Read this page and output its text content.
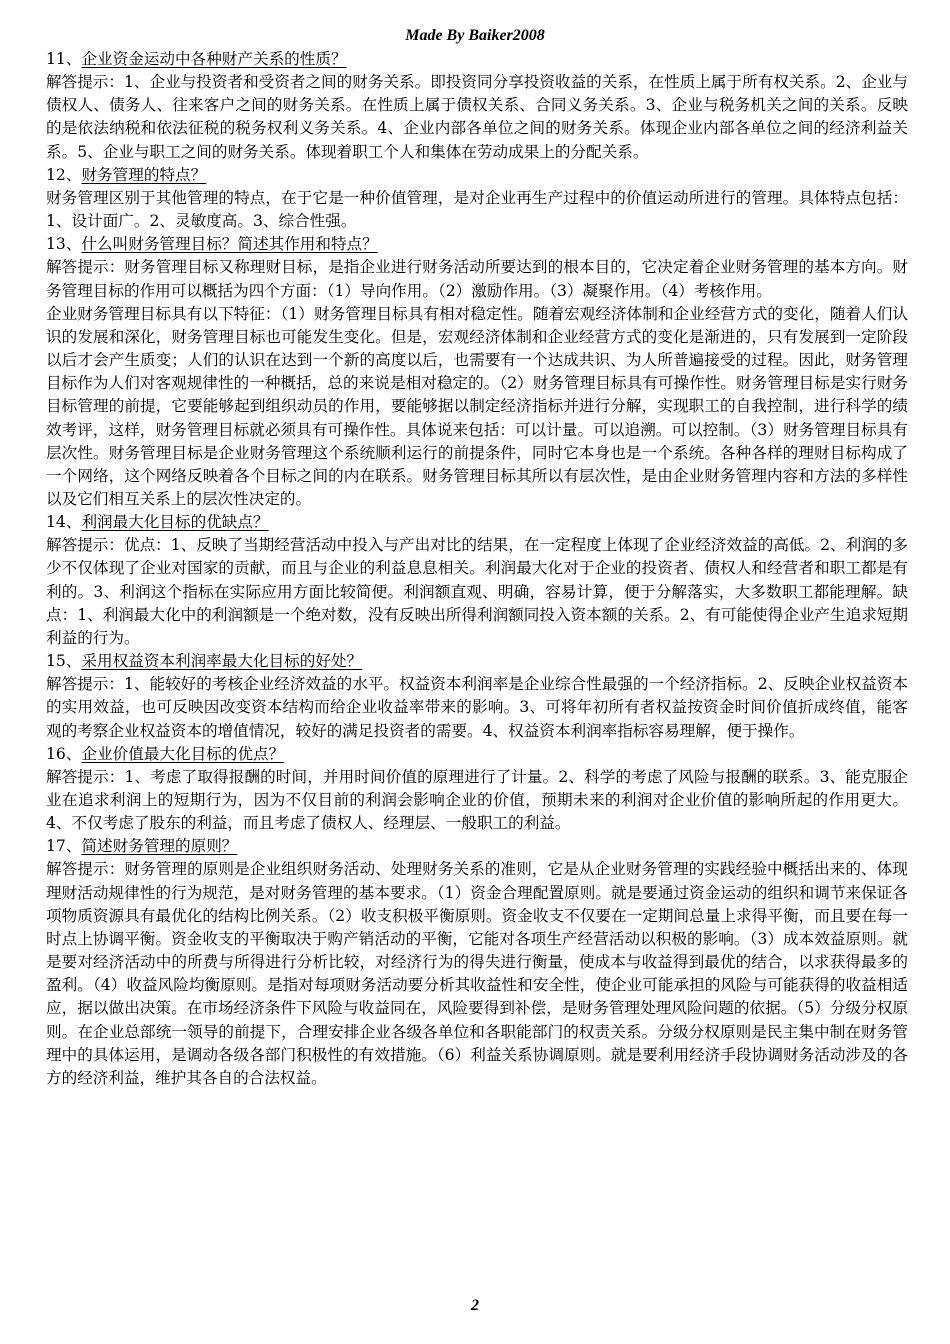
Made By Baiker2008
11、企业资金运动中各种财产关系的性质？
解答提示：1、企业与投资者和受资者之间的财务关系。即投资同分享投资收益的关系，在性质上属于所有权关系。2、企业与债权人、债务人、往来客户之间的财务关系。在性质上属于债权关系、合同义务关系。3、企业与税务机关之间的关系。反映的是依法纳税和依法征税的税务权利义务关系。4、企业内部各单位之间的财务关系。体现企业内部各单位之间的经济利益关系。5、企业与职工之间的财务关系。体现着职工个人和集体在劳动成果上的分配关系。
12、财务管理的特点？
财务管理区别于其他管理的特点，在于它是一种价值管理，是对企业再生产过程中的价值运动所进行的管理。具体特点包括：1、设计面广。2、灵敏度高。3、综合性强。
13、什么叫财务管理目标？简述其作用和特点？
解答提示：财务管理目标又称理财目标，是指企业进行财务活动所要达到的根本目的，它决定着企业财务管理的基本方向。财务管理目标的作用可以概括为四个方面：（1）导向作用。（2）激励作用。（3）凝聚作用。（4）考核作用。
企业财务管理目标具有以下特征：（1）财务管理目标具有相对稳定性。随着宏观经济体制和企业经营方式的变化，随着人们认识的发展和深化，财务管理目标也可能发生变化。但是，宏观经济体制和企业经营方式的变化是渐进的，只有发展到一定阶段以后才会产生质变；人们的认识在达到一个新的高度以后，也需要有一个达成共识、为人所普遍接受的过程。因此，财务管理目标作为人们对客观规律性的一种概括，总的来说是相对稳定的。（2）财务管理目标具有可操作性。财务管理目标是实行财务目标管理的前提，它要能够起到组织动员的作用，要能够据以制定经济指标并进行分解，实现职工的自我控制，进行科学的绩效考评，这样，财务管理目标就必须具有可操作性。具体说来包括：可以计量。可以追溯。可以控制。（3）财务管理目标具有层次性。财务管理目标是企业财务管理这个系统顺利运行的前提条件，同时它本身也是一个系统。各种各样的理财目标构成了一个网络，这个网络反映着各个目标之间的内在联系。财务管理目标其所以有层次性，是由企业财务管理内容和方法的多样性以及它们相互关系上的层次性决定的。
14、利润最大化目标的优缺点？
解答提示：优点：1、反映了当期经营活动中投入与产出对比的结果，在一定程度上体现了企业经济效益的高低。2、利润的多少不仅体现了企业对国家的贡献，而且与企业的利益息息相关。利润最大化对于企业的投资者、债权人和经营者和职工都是有利的。3、利润这个指标在实际应用方面比较简便。利润额直观、明确，容易计算，便于分解落实，大多数职工都能理解。缺点：1、利润最大化中的利润额是一个绝对数，没有反映出所得利润额同投入资本额的关系。2、有可能使得企业产生追求短期利益的行为。
15、采用权益资本利润率最大化目标的好处？
解答提示：1、能较好的考核企业经济效益的水平。权益资本利润率是企业综合性最强的一个经济指标。2、反映企业权益资本的实用效益，也可反映因改变资本结构而给企业收益率带来的影响。3、可将年初所有者权益按资金时间价值折成终值，能客观的考察企业权益资本的增值情况，较好的满足投资者的需要。4、权益资本利润率指标容易理解，便于操作。
16、企业价值最大化目标的优点？
解答提示：1、考虑了取得报酬的时间，并用时间价值的原理进行了计量。2、科学的考虑了风险与报酬的联系。3、能克服企业在追求利润上的短期行为，因为不仅目前的利润会影响企业的价值，预期未来的利润对企业价值的影响所起的作用更大。4、不仅考虑了股东的利益，而且考虑了债权人、经理层、一般职工的利益。
17、简述财务管理的原则？
解答提示：财务管理的原则是企业组织财务活动、处理财务关系的准则，它是从企业财务管理的实践经验中概括出来的、体现理财活动规律性的行为规范，是对财务管理的基本要求。（1）资金合理配置原则。就是要通过资金运动的组织和调节来保证各项物质资源具有最优化的结构比例关系。（2）收支积极平衡原则。资金收支不仅要在一定期间总量上求得平衡，而且要在每一时点上协调平衡。资金收支的平衡取决于购产销活动的平衡，它能对各项生产经营活动以积极的影响。（3）成本效益原则。就是要对经济活动中的所费与所得进行分析比较，对经济行为的得失进行衡量，使成本与收益得到最优的结合，以求获得最多的盈利。（4）收益风险均衡原则。是指对每项财务活动要分析其收益性和安全性，使企业可能承担的风险与可能获得的收益相适应，据以做出决策。在市场经济条件下风险与收益同在，风险要得到补偿，是财务管理处理风险问题的依据。（5）分级分权原则。在企业总部统一领导的前提下，合理安排企业各级各单位和各职能部门的权责关系。分级分权原则是民主集中制在财务管理中的具体运用，是调动各级各部门积极性的有效措施。（6）利益关系协调原则。就是要利用经济手段协调财务活动涉及的各方的经济利益，维护其各自的合法权益。
2
